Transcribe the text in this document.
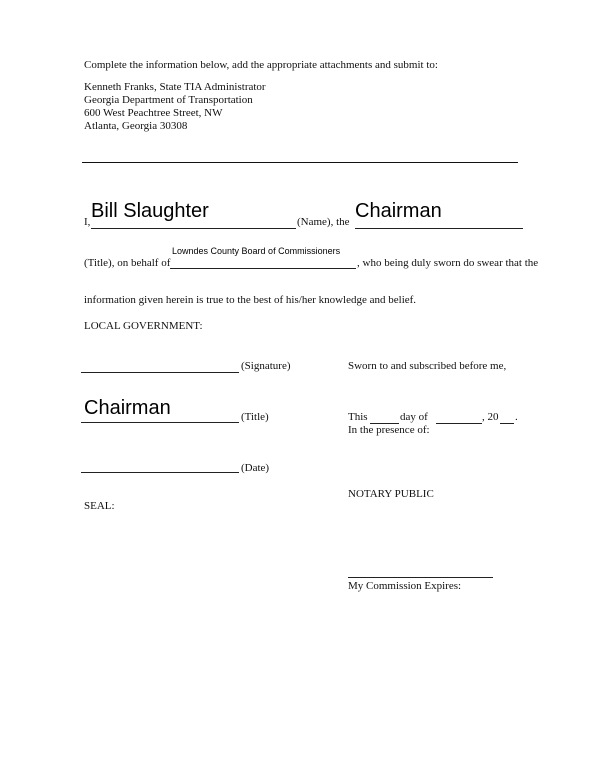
Complete the information below, add the appropriate attachments and submit to:
Kenneth Franks, State TIA Administrator
Georgia Department of Transportation
600 West Peachtree Street, NW
Atlanta, Georgia 30308
I, Bill Slaughter	(Name), the Chairman
(Title), on behalf of
Lowndes County Board of Commissioners
, who being duly sworn do swear that the
information given herein is true to the best of his/her knowledge and belief.
LOCAL GOVERNMENT:
(Signature)
Chairman	(Title)
(Date)
SEAL:
Sworn to and subscribed before me,
This	day of	, 20 .
In the presence of:
NOTARY PUBLIC
My Commission Expires:
